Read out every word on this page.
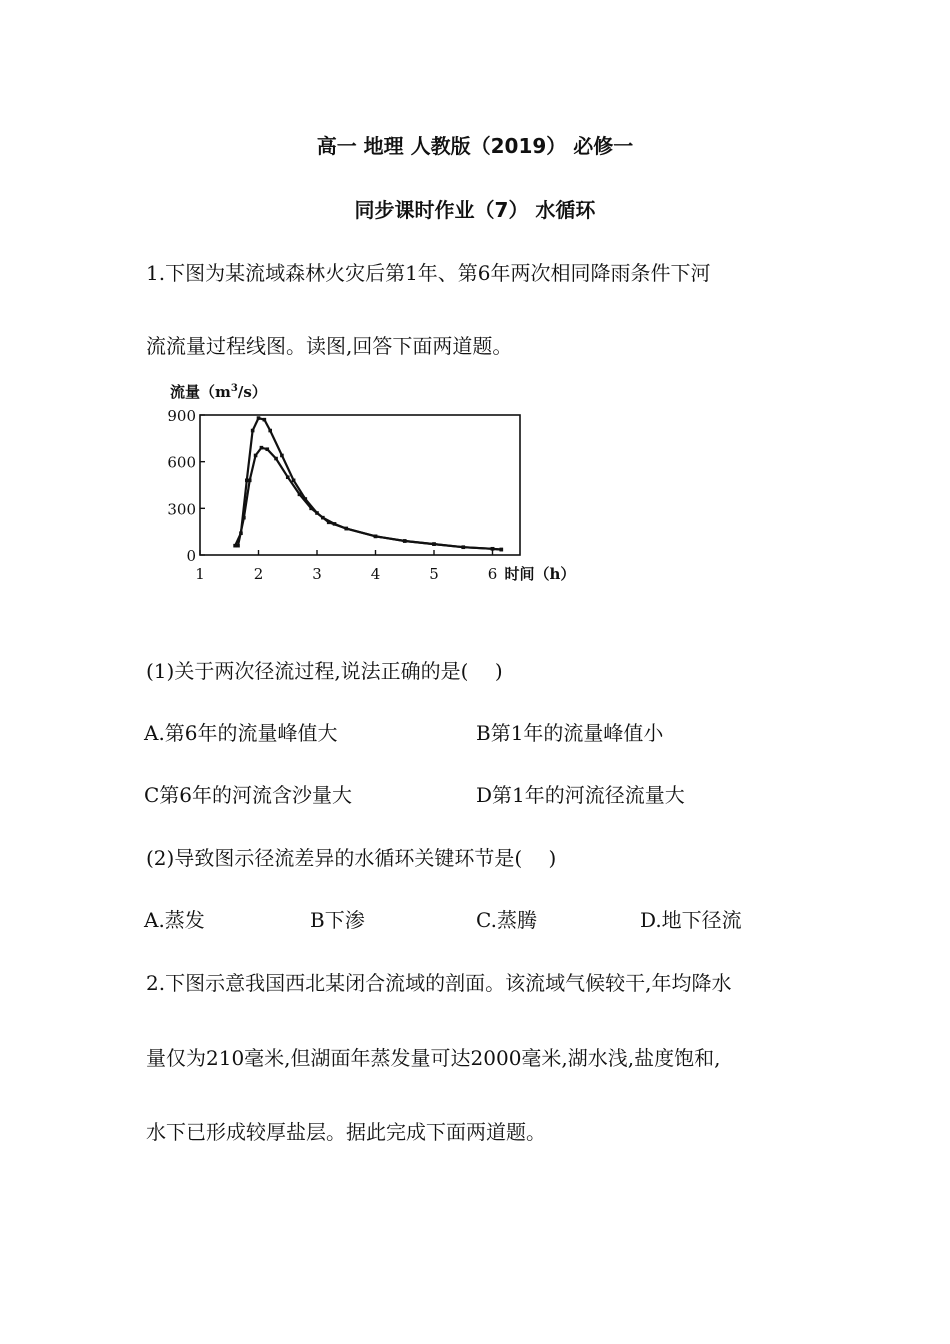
高一 地理 人教版（2019） 必修一
同步课时作业（7） 水循环
1.下图为某流域森林火灾后第1年、第6年两次相同降雨条件下河
流流量过程线图。读图,回答下面两道题。
900
600
300
0
1	2	3	4	5	6
流量$(m^3/s)$
时间（h）
(1)关于两次径流过程,说法正确的是(　 )
A.第6年的流量峰值大	B第1年的流量峰值小
C第6年的河流含沙量大	D第1年的河流径流量大
(2)导致图示径流差异的水循环关键环节是(　 )
A.蒸发	B下渗	C.蒸腾	D.地下径流
2.下图示意我国西北某闭合流域的剖面。该流域气候较干,年均降水
量仅为210毫米,但湖面年蒸发量可达2000毫米,湖水浅,盐度饱和,
水下已形成较厚盐层。据此完成下面两道题。
